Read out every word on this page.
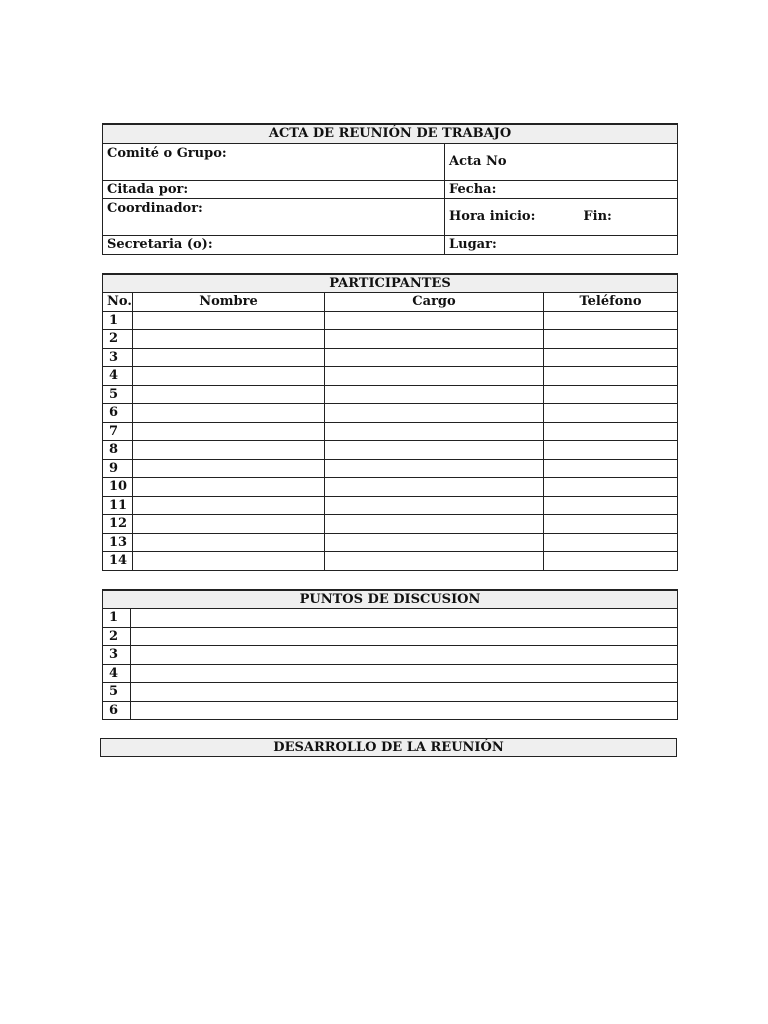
ACTA DE REUNIÓN DE TRABAJO	
Comité o Grupo:	Acta No
Citada por:	Fecha:
Coordinador:	Hora inicio: Fin:
Secretaria (o):	Lugar:
PARTICIPANTES			
No.	Nombre	Cargo	Teléfono
1			
2			
3			
4			
5			
6			
7			
8			
9			
10			
11			
12			
13			
14			
PUNTOS DE DISCUSION	
1	
2	
3	
4	
5	
6	
DESARROLLO DE LA REUNIÓN
